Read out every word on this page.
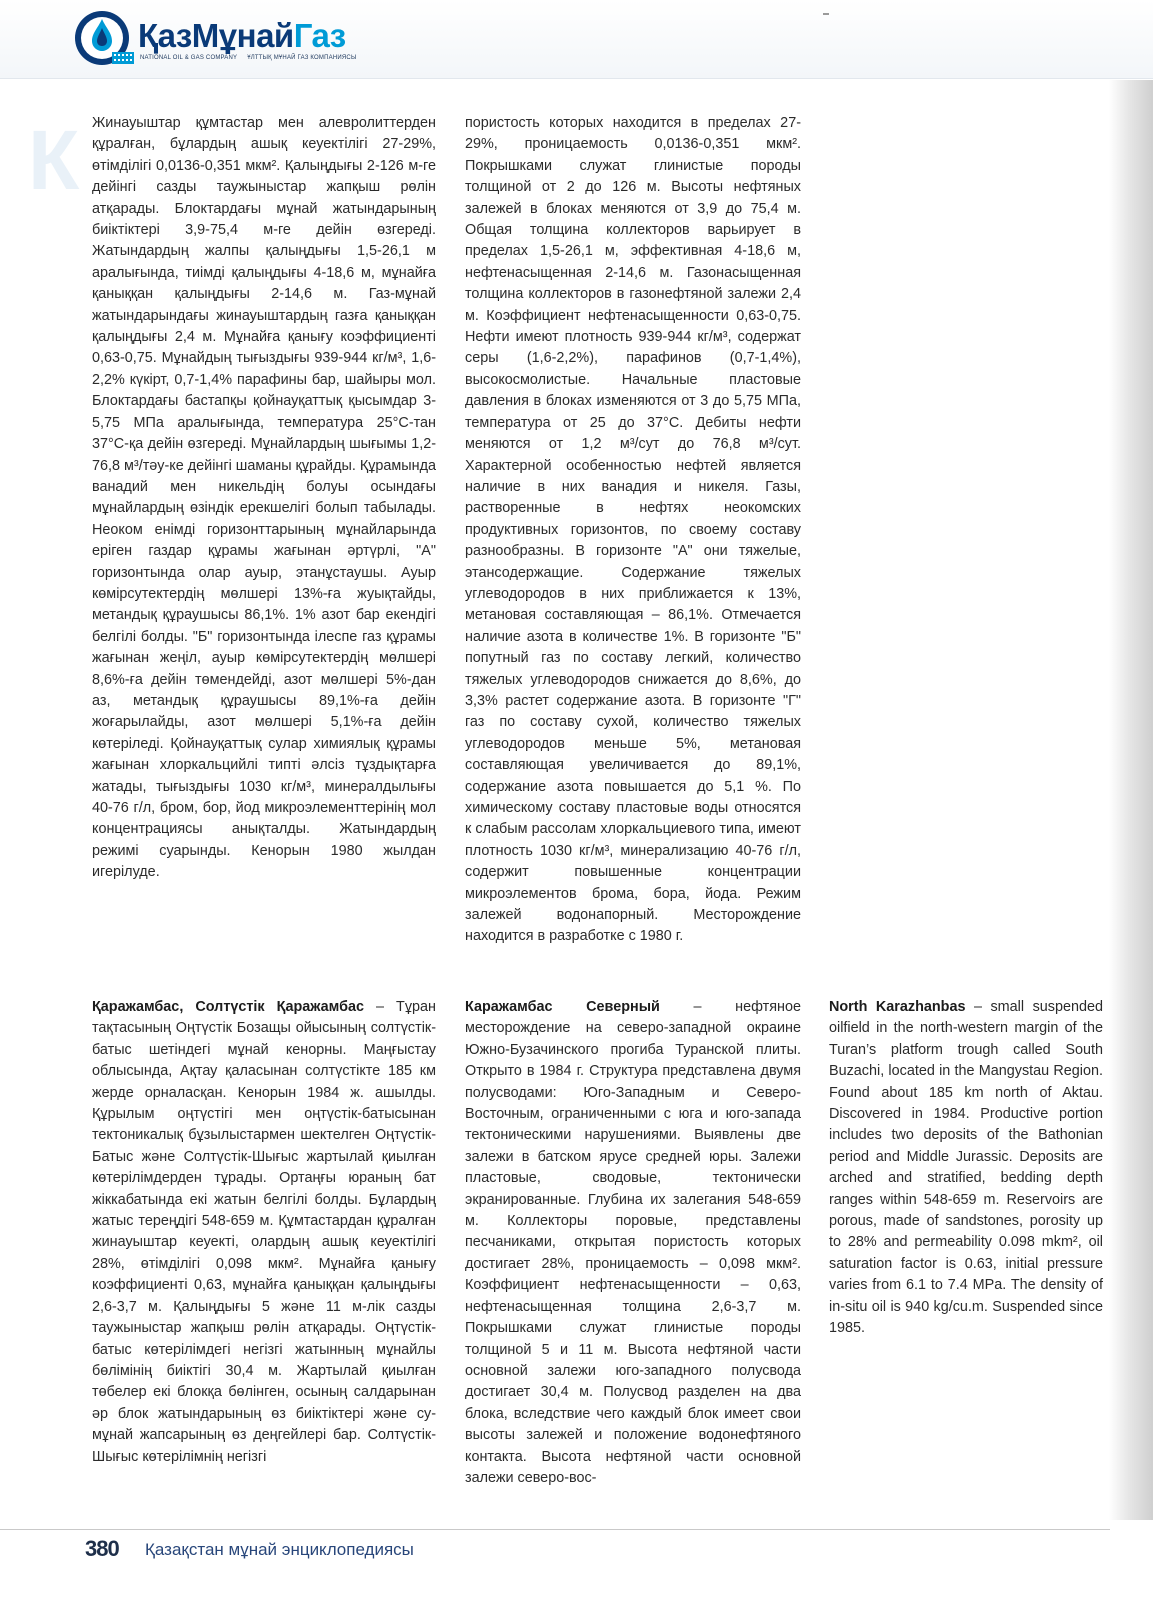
ҚазМұнайГаз
NATIONAL OIL & GAS COMPANY ҰЛТТЫҚ МҰНАЙ ГАЗ КОМПАНИЯСЫ
К Жинауыштар құмтастар мен алевролиттерден құралған, бұлардың ашық кеуектілігі 27-29%, өтімділігі 0,0136-0,351 мкм². Қалыңдығы 2-126 м-ге дейінгі сазды таужыныстар жапқыш рөлін атқарады. Блоктардағы мұнай жатындарының биіктіктері 3,9-75,4 м-ге дейін өзгереді. Жатындардың жалпы қалыңдығы 1,5-26,1 м аралығында, тиімді қалыңдығы 4-18,6 м, мұнайға қаныққан қалыңдығы 2-14,6 м. Газ-мұнай жатындарындағы жинауыштардың газға қаныққан қалыңдығы 2,4 м. Мұнайға қанығу коэффициенті 0,63-0,75. Мұнайдың тығыздығы 939-944 кг/м³, 1,6-2,2% күкірт, 0,7-1,4% парафины бар, шайыры мол. Блоктардағы бастапқы қойнауқаттық қысымдар 3-5,75 МПа аралығында, температура 25°С-тан 37°С-қа дейін өзгереді. Мұнайлардың шығымы 1,2-76,8 м³/тәу-ке дейінгі шаманы құрайды. Құрамында ванадий мен никельдің болуы осындағы мұнайлардың өзіндік ерекшелігі болып табылады. Неоком енімді горизонттарының мұнайларында еріген газдар құрамы жағынан әртүрлі, "А" горизонтында олар ауыр, этанұстаушы. Ауыр көмірсутектердің мөлшері 13%-ға жуықтайды, метандық құраушысы 86,1%. 1% азот бар екендігі белгілі болды. "Б" горизонтында ілеспе газ құрамы жағынан жеңіл, ауыр көмірсутектердің мөлшері 8,6%-ға дейін төмендейді, азот мөлшері 5%-дан аз, метандық құраушысы 89,1%-ға дейін жоғарылайды, азот мөлшері 5,1%-ға дейін көтеріледі. Қойнауқаттық сулар химиялық құрамы жағынан хлоркальцийлі типті әлсіз тұздықтарға жатады, тығыздығы 1030 кг/м³, минералдылығы 40-76 г/л, бром, бор, йод микроэлементтерінің мол концентрациясы анықталды. Жатындардың режимі суарынды. Кенорын 1980 жылдан игерілуде.

пористость которых находится в пределах 27-29%, проницаемость 0,0136-0,351 мкм². Покрышками служат глинистые породы толщиной от 2 до 126 м. Высоты нефтяных залежей в блоках меняются от 3,9 до 75,4 м. Общая толщина коллекторов варьирует в пределах 1,5-26,1 м, эффективная 4-18,6 м, нефтенасыщенная 2-14,6 м. Газонасыщенная толщина коллекторов в газонефтяной залежи 2,4 м. Коэффициент нефтенасыщенности 0,63-0,75. Нефти имеют плотность 939-944 кг/м³, содержат серы (1,6-2,2%), парафинов (0,7-1,4%), высокосмолистые. Начальные пластовые давления в блоках изменяются от 3 до 5,75 МПа, температура от 25 до 37°С. Дебиты нефти меняются от 1,2 м³/сут до 76,8 м³/сут. Характерной особенностью нефтей является наличие в них ванадия и никеля. Газы, растворенные в нефтях неокомских продуктивных горизонтов, по своему составу разнообразны. В горизонте "А" они тяжелые, этансодержащие. Содержание тяжелых углеводородов в них приближается к 13%, метановая составляющая – 86,1%. Отмечается наличие азота в количестве 1%. В горизонте "Б" попутный газ по составу легкий, количество тяжелых углеводородов снижается до 8,6%, до 3,3% растет содержание азота. В горизонте "Г" газ по составу сухой, количество тяжелых углеводородов меньше 5%, метановая составляющая увеличивается до 89,1%, содержание азота повышается до 5,1 %. По химическому составу пластовые воды относятся к слабым рассолам хлоркальциевого типа, имеют плотность 1030 кг/м³, минерализацию 40-76 г/л, содержит повышенные концентрации микроэлементов брома, бора, йода. Режим залежей водонапорный. Месторождение находится в разработке с 1980 г.

Қаражамбас, Солтүстік Қаражамбас – Тұран тақтасының Оңтүстік Бозащы ойысының солтүстік-батыс шетіндегі мұнай кенорны. Маңғыстау облысында, Ақтау қаласынан солтүстікте 185 км жерде орналасқан. Кенорын 1984 ж. ашылды. Құрылым оңтүстігі мен оңтүстік-батысынан тектоникалық бұзылыстармен шектелген Оңтүстік-Батыс және Солтүстік-Шығыс жартылай қиылған көтерілімдерден тұрады. Ортаңғы юраның бат жіккабатында екі жатын белгілі болды. Бұлардың жатыс тереңдігі 548-659 м. Құмтастардан құралған жинауыштар кеуекті, олардың ашық кеуектілігі 28%, өтімділігі 0,098 мкм². Мұнайға қанығу коэффициенті 0,63, мұнайға қаныққан қалыңдығы 2,6-3,7 м. Қалыңдығы 5 және 11 м-лік сазды таужыныстар жапқыш рөлін атқарады. Оңтүстік-батыс көтерілімдегі негізгі жатынның мұнайлы бөлімінің биіктігі 30,4 м. Жартылай қиылған төбелер екі блокқа бөлінген, осының салдарынан әр блок жатындарының өз биіктіктері және су-мұнай жапсарының өз деңгейлері бар. Солтүстік-Шығыс көтерілімнің негізгі

Каражамбас Северный – нефтяное месторождение на северо-западной окраине Южно-Бузачинского прогиба Туранской плиты. Открыто в 1984 г. Структура представлена двумя полусводами: Юго-Западным и Северо-Восточным, ограниченными с юга и юго-запада тектоническими нарушениями. Выявлены две залежи в батском ярусе средней юры. Залежи пластовые, сводовые, тектонически экранированные. Глубина их залегания 548-659 м. Коллекторы поровые, представлены песчаниками, открытая пористость которых достигает 28%, проницаемость – 0,098 мкм². Коэффициент нефтенасыщенности – 0,63, нефтенасыщенная толщина 2,6-3,7 м. Покрышками служат глинистые породы толщиной 5 и 11 м. Высота нефтяной части основной залежи юго-западного полусвода достигает 30,4 м. Полусвод разделен на два блока, вследствие чего каждый блок имеет свои высоты залежей и положение водонефтяного контакта. Высота нефтяной части основной залежи северо-вос-

North Karazhanbas – small suspended oilfield in the north-western margin of the Turan’s platform trough called South Buzachi, located in the Mangystau Region. Found about 185 km north of Aktau. Discovered in 1984. Productive portion includes two deposits of the Bathonian period and Middle Jurassic. Deposits are arched and stratified, bedding depth ranges within 548-659 m. Reservoirs are porous, made of sandstones, porosity up to 28% and permeability 0.098 mkm², oil saturation factor is 0.63, initial pressure varies from 6.1 to 7.4 MPa. The density of in-situ oil is 940 kg/cu.m. Suspended since 1985.

380 Қазақстан мұнай энциклопедиясы
